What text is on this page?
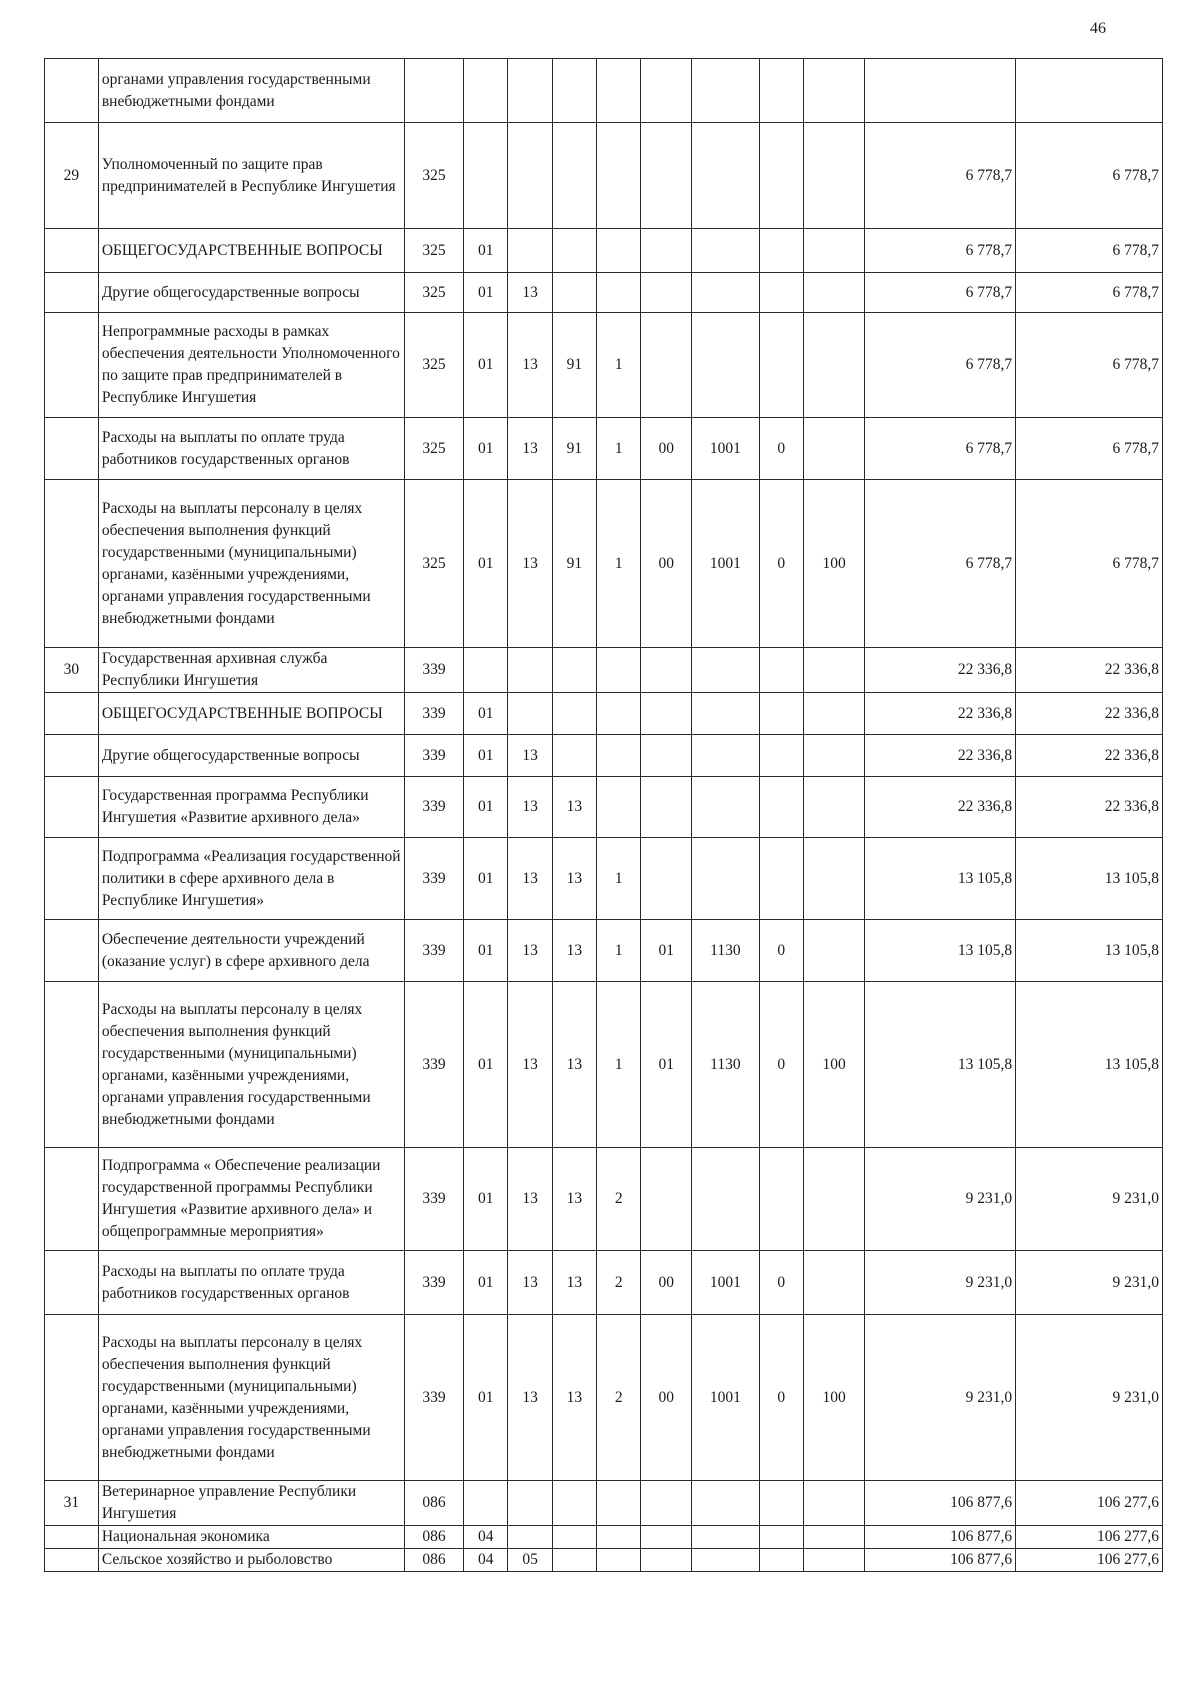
46
	органами управления государственными внебюджетными фондами											
29	Уполномоченный по защите прав предпринимателей в Республике Ингушетия	325									6 778,7	6 778,7
	ОБЩЕГОСУДАРСТВЕННЫЕ ВОПРОСЫ	325	01								6 778,7	6 778,7
	Другие общегосударственные вопросы	325	01	13							6 778,7	6 778,7
	Непрограммные расходы в рамках обеспечения деятельности Уполномоченного по защите прав предпринимателей в Республике Ингушетия	325	01	13	91	1					6 778,7	6 778,7
	Расходы на выплаты по оплате труда работников государственных органов	325	01	13	91	1	00	1001	0		6 778,7	6 778,7
	Расходы на выплаты персоналу в целях обеспечения выполнения функций государственными (муниципальными) органами, казёнными учреждениями, органами управления государственными внебюджетными фондами	325	01	13	91	1	00	1001	0	100	6 778,7	6 778,7
30	Государственная архивная служба Республики Ингушетия	339									22 336,8	22 336,8
	ОБЩЕГОСУДАРСТВЕННЫЕ ВОПРОСЫ	339	01								22 336,8	22 336,8
	Другие общегосударственные вопросы	339	01	13							22 336,8	22 336,8
	Государственная программа Республики Ингушетия «Развитие архивного дела»	339	01	13	13						22 336,8	22 336,8
	Подпрограмма «Реализация государственной политики в сфере архивного дела в Республике Ингушетия»	339	01	13	13	1					13 105,8	13 105,8
	Обеспечение деятельности учреждений (оказание услуг) в сфере архивного дела	339	01	13	13	1	01	1130	0		13 105,8	13 105,8
	Расходы на выплаты персоналу в целях обеспечения выполнения функций государственными (муниципальными) органами, казёнными учреждениями, органами управления государственными внебюджетными фондами	339	01	13	13	1	01	1130	0	100	13 105,8	13 105,8
	Подпрограмма « Обеспечение реализации государственной программы Республики Ингушетия «Развитие архивного дела» и общепрограммные мероприятия»	339	01	13	13	2					9 231,0	9 231,0
	Расходы на выплаты по оплате труда работников государственных органов	339	01	13	13	2	00	1001	0		9 231,0	9 231,0
	Расходы на выплаты персоналу в целях обеспечения выполнения функций государственными (муниципальными) органами, казёнными учреждениями, органами управления государственными внебюджетными фондами	339	01	13	13	2	00	1001	0	100	9 231,0	9 231,0
31	Ветеринарное управление Республики Ингушетия	086									106 877,6	106 277,6
	Национальная экономика	086	04								106 877,6	106 277,6
	Сельское хозяйство и рыболовство	086	04	05							106 877,6	106 277,6
